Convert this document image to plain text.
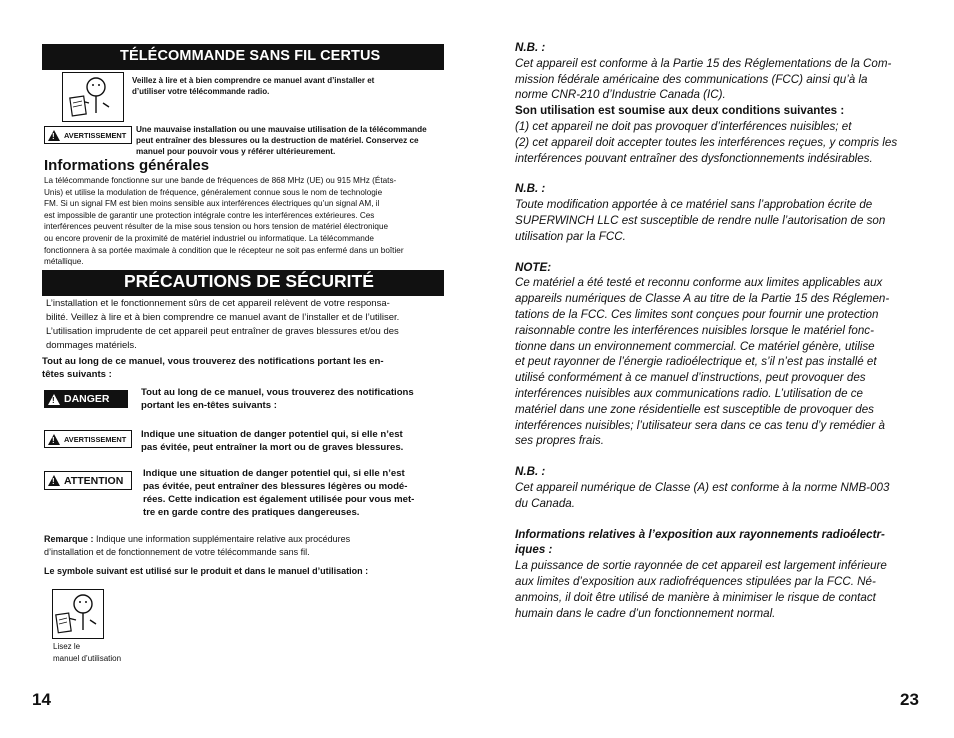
TÉLÉCOMMANDE SANS FIL CERTUS
Veillez à lire et à bien comprendre ce manuel avant d’installer et
d’utiliser votre télécommande radio.
! AVERTISSEMENT
Une mauvaise installation ou une mauvaise utilisation de la télécommande
peut entraîner des blessures ou la destruction de matériel. Conservez ce
manuel pour pouvoir vous y référer ultérieurement.
Informations générales
La télécommande fonctionne sur une bande de fréquences de 868 MHz (UE) ou 915 MHz (États-
Unis) et utilise la modulation de fréquence, généralement connue sous le nom de technologie
FM. Si un signal FM est bien moins sensible aux interférences électriques qu’un signal AM, il
est impossible de garantir une protection intégrale contre les interférences extérieures. Ces
interférences peuvent résulter de la mise sous tension ou hors tension de matériel électronique
ou encore provenir de la proximité de matériel industriel ou informatique. La télécommande
fonctionnera à sa portée maximale à condition que le récepteur ne soit pas enfermé dans un boîtier
métallique.
PRÉCAUTIONS DE SÉCURITÉ
L’installation et le fonctionnement sûrs de cet appareil relèvent de votre responsa-
bilité. Veillez à lire et à bien comprendre ce manuel avant de l’installer et de l’utiliser.
L’utilisation imprudente de cet appareil peut entraîner de graves blessures et/ou des
dommages matériels.
Tout au long de ce manuel, vous trouverez des notifications portant les en-
têtes suivants :
! DANGER
Tout au long de ce manuel, vous trouverez des notifications
portant les en-têtes suivants :
! AVERTISSEMENT Indique une situation de danger potentiel qui, si elle n’est
pas évitée, peut entraîner la mort ou de graves blessures.
! ATTENTION
Indique une situation de danger potentiel qui, si elle n’est
pas évitée, peut entraîner des blessures légères ou modé-
rées. Cette indication est également utilisée pour vous met-
tre en garde contre des pratiques dangereuses.
Remarque : Indique une information supplémentaire relative aux procédures
d’installation et de fonctionnement de votre télécommande sans fil.
Le symbole suivant est utilisé sur le produit et dans le manuel d’utilisation :
Lisez le
manuel d’utilisation
14
N.B. :
Cet appareil est conforme à la Partie 15 des Réglementations de la Com-
mission fédérale américaine des communications (FCC) ainsi qu’à la
norme CNR-210 d’Industrie Canada (IC).
Son utilisation est soumise aux deux conditions suivantes :
(1) cet appareil ne doit pas provoquer d’interférences nuisibles; et
(2) cet appareil doit accepter toutes les interférences reçues, y compris les
interférences pouvant entraîner des dysfonctionnements indésirables.
N.B. :
Toute modification apportée à ce matériel sans l’approbation écrite de
SUPERWINCH LLC est susceptible de rendre nulle l’autorisation de son
utilisation par la FCC.
NOTE:
Ce matériel a été testé et reconnu conforme aux limites applicables aux
appareils numériques de Classe A au titre de la Partie 15 des Réglemen-
tations de la FCC. Ces limites sont conçues pour fournir une protection
raisonnable contre les interférences nuisibles lorsque le matériel fonc-
tionne dans un environnement commercial. Ce matériel génère, utilise
et peut rayonner de l’énergie radioélectrique et, s’il n’est pas installé et
utilisé conformément à ce manuel d’instructions, peut provoquer des
interférences nuisibles aux communications radio. L’utilisation de ce
matériel dans une zone résidentielle est susceptible de provoquer des
interférences nuisibles; l’utilisateur sera dans ce cas tenu d’y remédier à
ses propres frais.
N.B. :
Cet appareil numérique de Classe (A) est conforme à la norme NMB-003
du Canada.
Informations relatives à l’exposition aux rayonnements radioélectr-
iques :
La puissance de sortie rayonnée de cet appareil est largement inférieure
aux limites d’exposition aux radiofréquences stipulées par la FCC. Né-
anmoins, il doit être utilisé de manière à minimiser le risque de contact
humain dans le cadre d’un fonctionnement normal.
23
